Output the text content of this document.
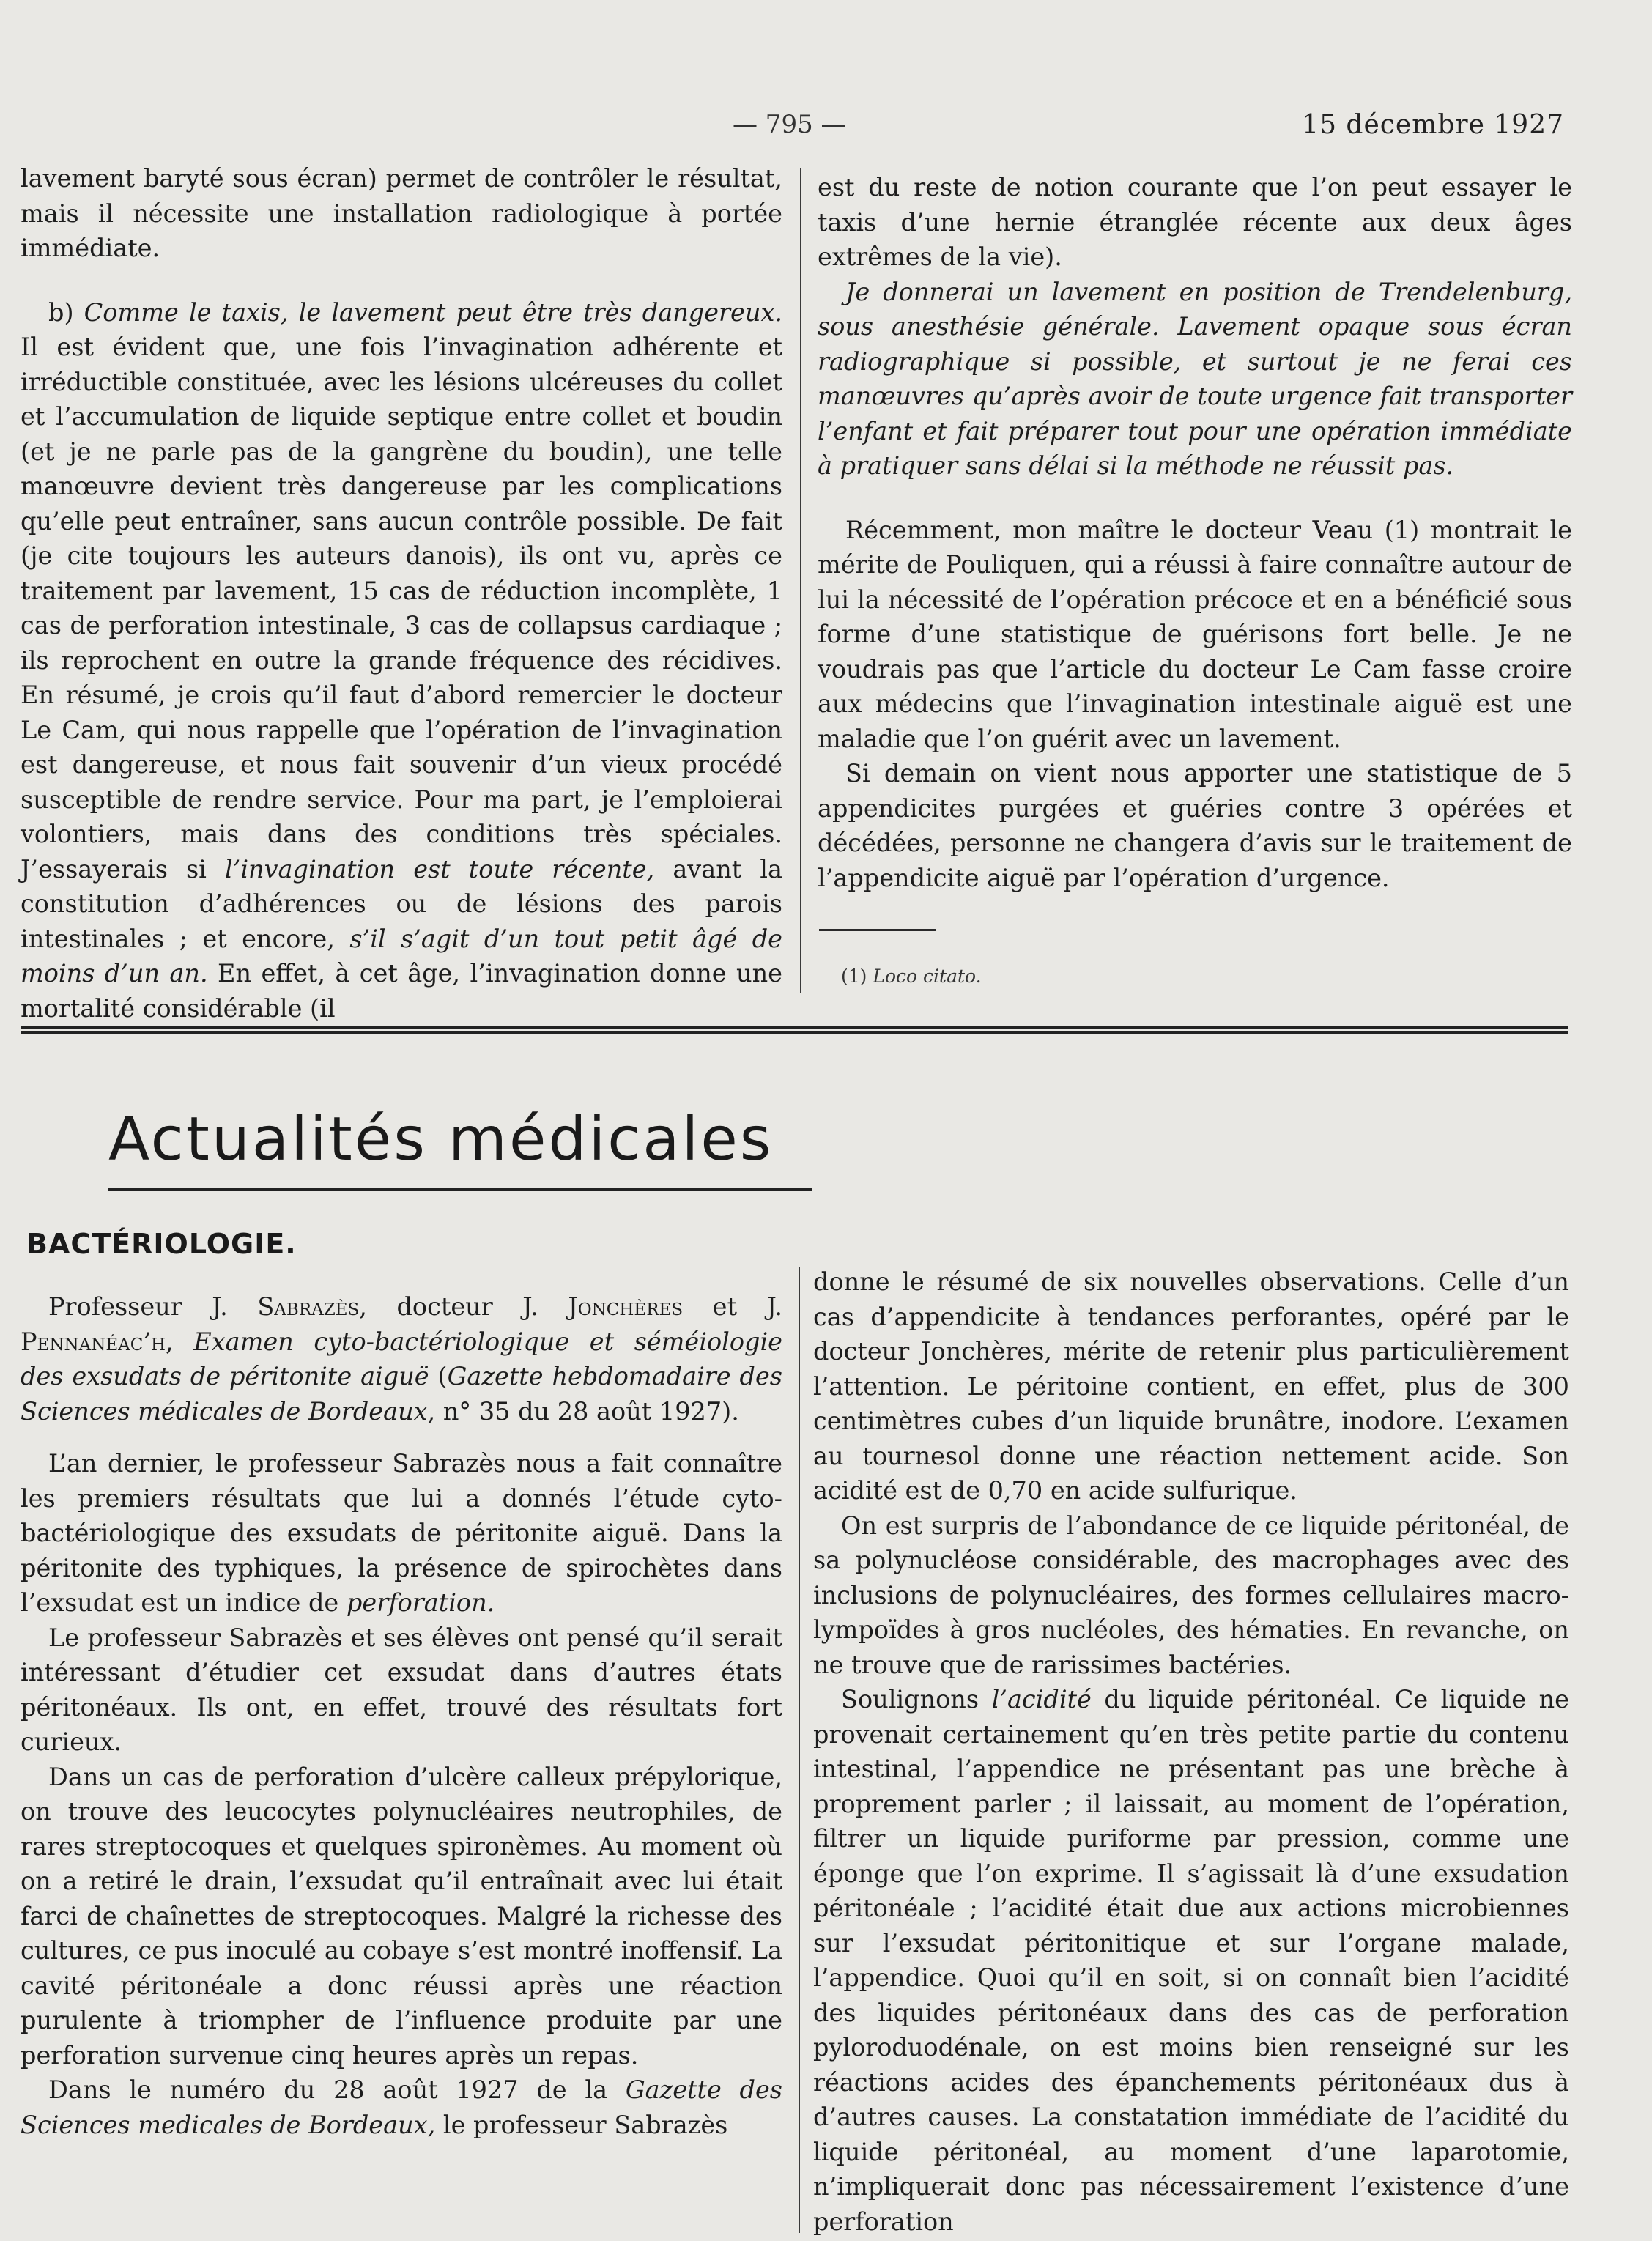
— 795 —	15 décembre 1927

lavement baryté sous écran) permet de contrôler le résultat, mais il nécessite une installation radiologique à portée immédiate.

b) Comme le taxis, le lavement peut être très dangereux. Il est évident que, une fois l’invagination adhérente et irréductible constituée, avec les lésions ulcéreuses du collet et l’accumulation de liquide septique entre collet et boudin (et je ne parle pas de la gangrène du boudin), une telle manœuvre devient très dangereuse par les complications qu’elle peut entraîner, sans aucun contrôle possible. De fait (je cite toujours les auteurs danois), ils ont vu, après ce traitement par lavement, 15 cas de réduction incomplète, 1 cas de perforation intestinale, 3 cas de collapsus cardiaque ; ils reprochent en outre la grande fréquence des récidives. En résumé, je crois qu’il faut d’abord remercier le docteur Le Cam, qui nous rappelle que l’opération de l’invagination est dangereuse, et nous fait souvenir d’un vieux procédé susceptible de rendre service. Pour ma part, je l’emploierai volontiers, mais dans des conditions très spéciales. J’essayerais si l’invagination est toute récente, avant la constitution d’adhérences ou de lésions des parois intestinales ; et encore, s’il s’agit d’un tout petit âgé de moins d’un an. En effet, à cet âge, l’invagination donne une mortalité considérable (il

est du reste de notion courante que l’on peut essayer le taxis d’une hernie étranglée récente aux deux âges extrêmes de la vie).

Je donnerai un lavement en position de Trendelenburg, sous anesthésie générale. Lavement opaque sous écran radiographique si possible, et surtout je ne ferai ces manœuvres qu’après avoir de toute urgence fait transporter l’enfant et fait préparer tout pour une opération immédiate à pratiquer sans délai si la méthode ne réussit pas.

Récemment, mon maître le docteur Veau (1) montrait le mérite de Pouliquen, qui a réussi à faire connaître autour de lui la nécessité de l’opération précoce et en a bénéficié sous forme d’une statistique de guérisons fort belle. Je ne voudrais pas que l’article du docteur Le Cam fasse croire aux médecins que l’invagination intestinale aiguë est une maladie que l’on guérit avec un lavement.

Si demain on vient nous apporter une statistique de 5 appendicites purgées et guéries contre 3 opérées et décédées, personne ne changera d’avis sur le traitement de l’appendicite aiguë par l’opération d’urgence.

(1) Loco citato.
Actualités médicales
BACTÉRIOLOGIE.

Professeur J. Sabrazès, docteur J. Jonchères et J. Pennanéac’h, Examen cyto-bactériologique et séméiologie des exsudats de péritonite aiguë (Gazette hebdomadaire des Sciences médicales de Bordeaux, n° 35 du 28 août 1927).

L’an dernier, le professeur Sabrazès nous a fait connaître les premiers résultats que lui a donnés l’étude cyto-bactériologique des exsudats de péritonite aiguë. Dans la péritonite des typhiques, la présence de spirochètes dans l’exsudat est un indice de perforation.

Le professeur Sabrazès et ses élèves ont pensé qu’il serait intéressant d’étudier cet exsudat dans d’autres états péritonéaux. Ils ont, en effet, trouvé des résultats fort curieux.

Dans un cas de perforation d’ulcère calleux prépylorique, on trouve des leucocytes polynucléaires neutrophiles, de rares streptocoques et quelques spironèmes. Au moment où on a retiré le drain, l’exsudat qu’il entraînait avec lui était farci de chaînettes de streptocoques. Malgré la richesse des cultures, ce pus inoculé au cobaye s’est montré inoffensif. La cavité péritonéale a donc réussi après une réaction purulente à triompher de l’influence produite par une perforation survenue cinq heures après un repas.

Dans le numéro du 28 août 1927 de la Gazette des Sciences medicales de Bordeaux, le professeur Sabrazès

donne le résumé de six nouvelles observations. Celle d’un cas d’appendicite à tendances perforantes, opéré par le docteur Jonchères, mérite de retenir plus particulièrement l’attention. Le péritoine contient, en effet, plus de 300 centimètres cubes d’un liquide brunâtre, inodore. L’examen au tournesol donne une réaction nettement acide. Son acidité est de 0,70 en acide sulfurique.

On est surpris de l’abondance de ce liquide péritonéal, de sa polynucléose considérable, des macrophages avec des inclusions de polynucléaires, des formes cellulaires macro-lympoïdes à gros nucléoles, des hématies. En revanche, on ne trouve que de rarissimes bactéries.

Soulignons l’acidité du liquide péritonéal. Ce liquide ne provenait certainement qu’en très petite partie du contenu intestinal, l’appendice ne présentant pas une brèche à proprement parler ; il laissait, au moment de l’opération, filtrer un liquide puriforme par pression, comme une éponge que l’on exprime. Il s’agissait là d’une exsudation péritonéale ; l’acidité était due aux actions microbiennes sur l’exsudat péritonitique et sur l’organe malade, l’appendice. Quoi qu’il en soit, si on connaît bien l’acidité des liquides péritonéaux dans des cas de perforation pyloroduodénale, on est moins bien renseigné sur les réactions acides des épanchements péritonéaux dus à d’autres causes. La constatation immédiate de l’acidité du liquide péritonéal, au moment d’une laparotomie, n’impliquerait donc pas nécessairement l’existence d’une perforation
